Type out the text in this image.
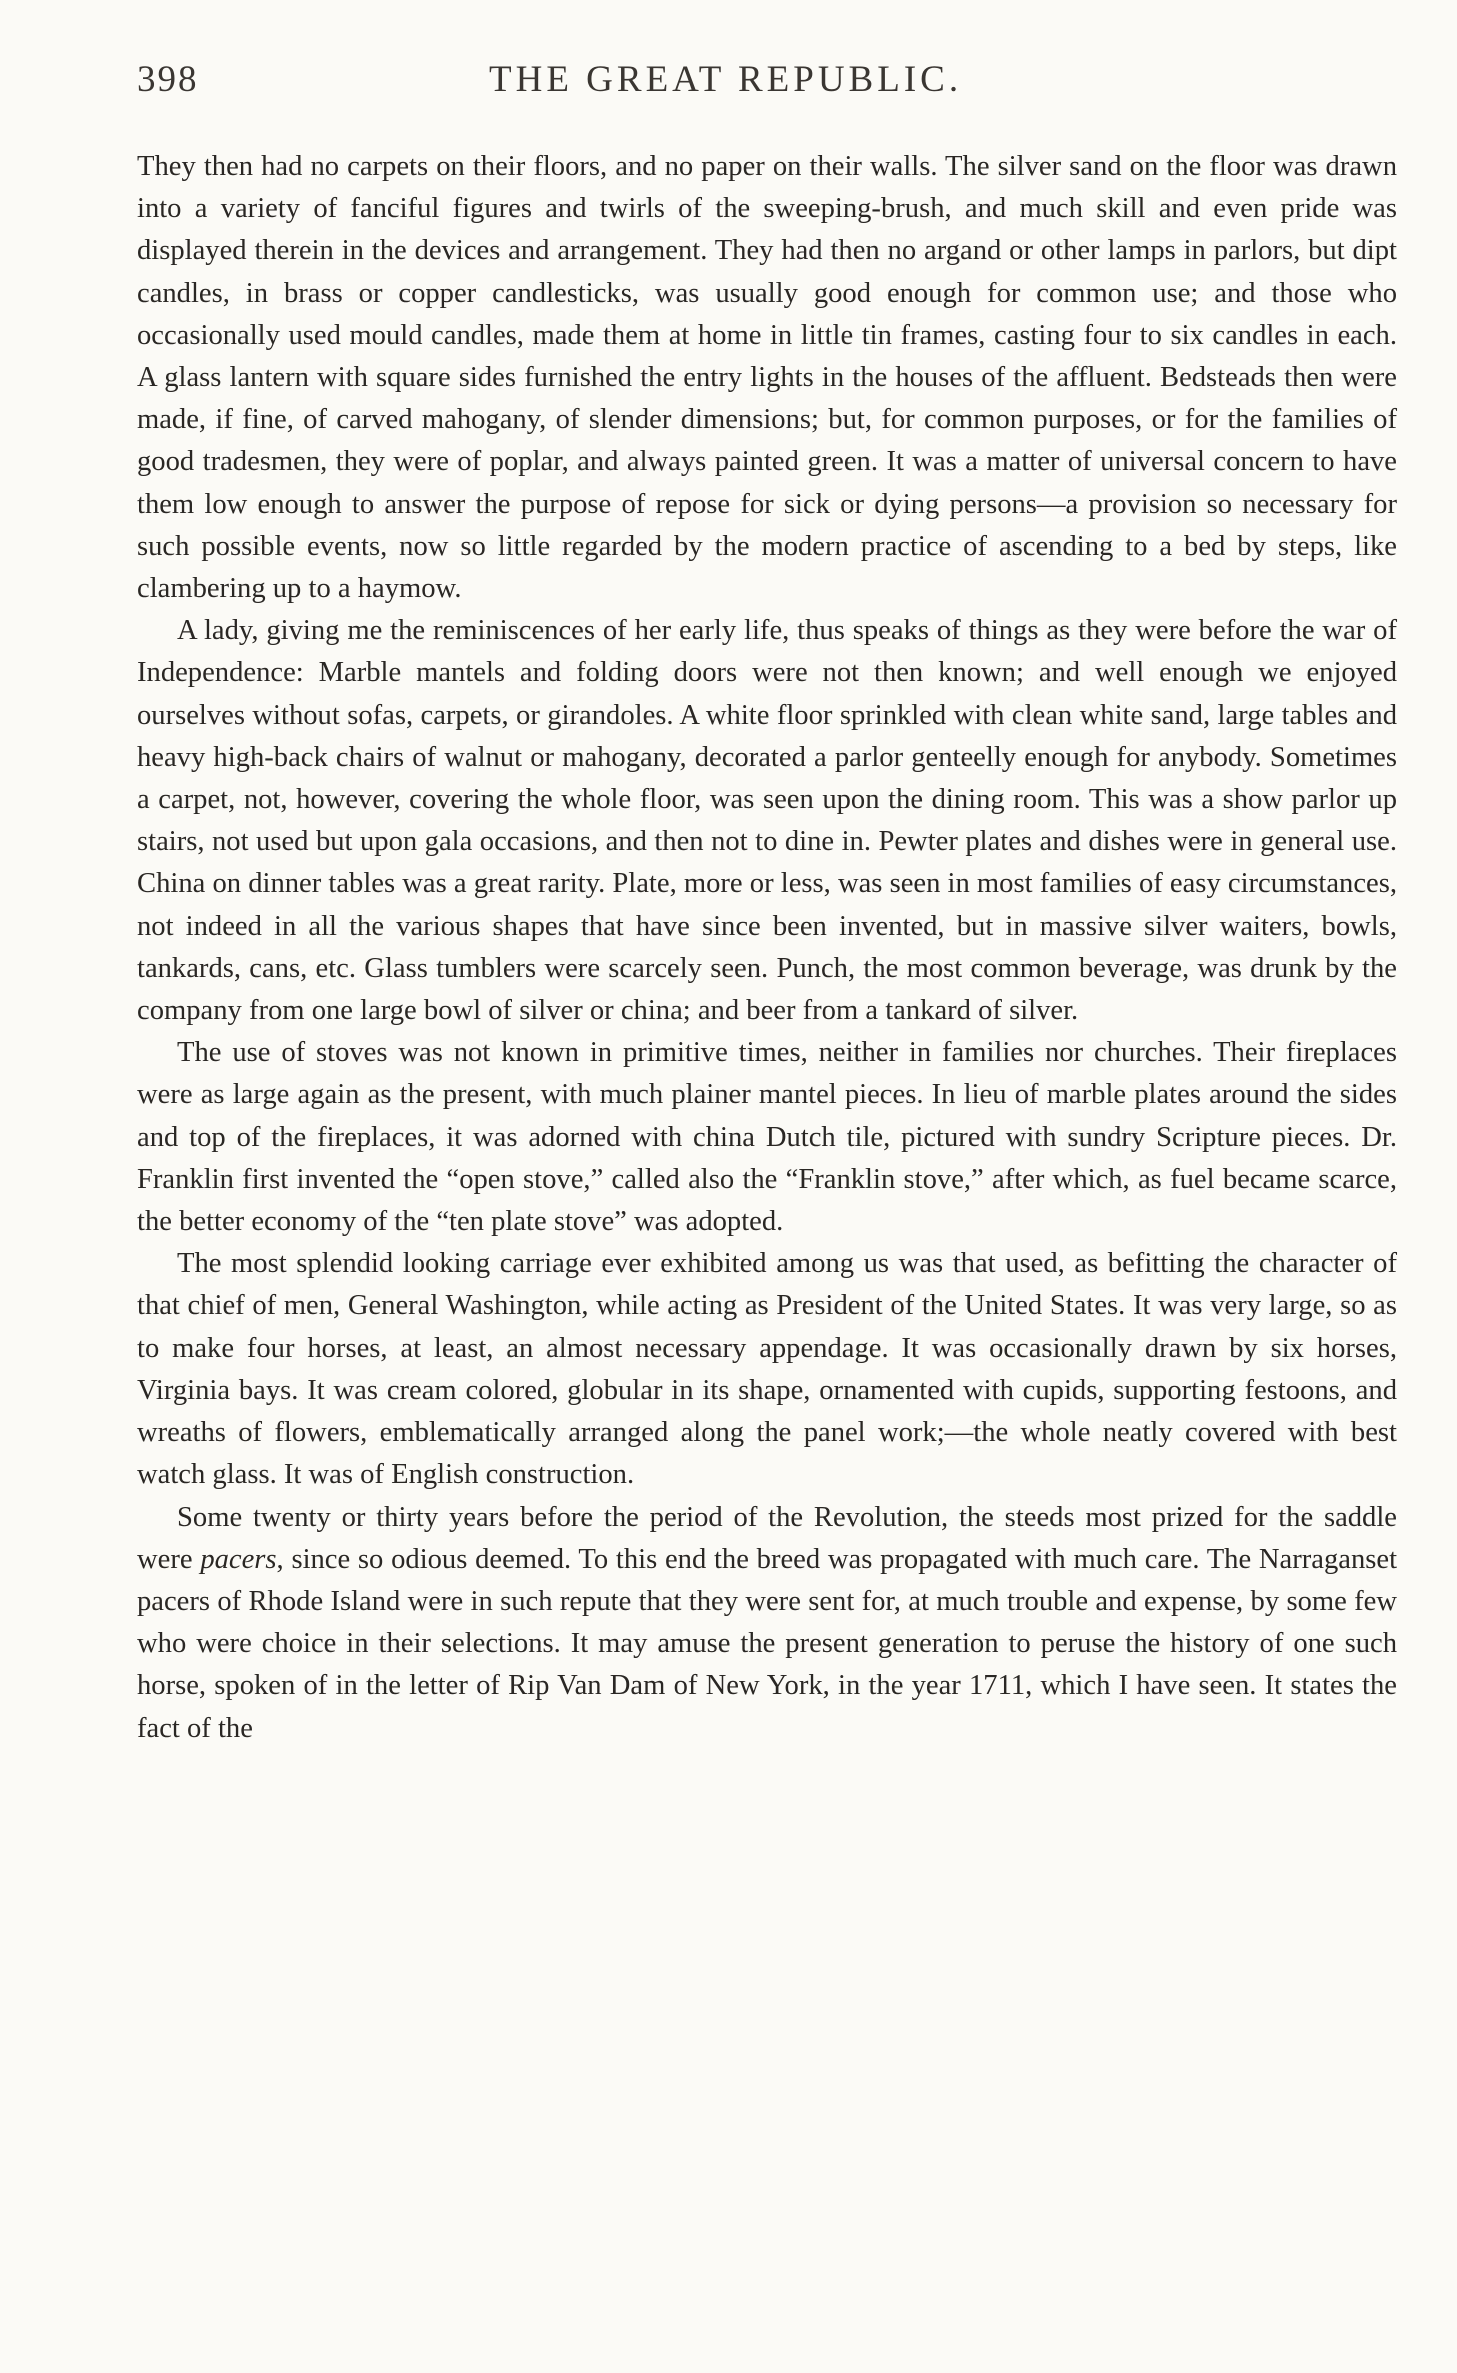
398	THE GREAT REPUBLIC.

They then had no carpets on their floors, and no paper on their walls. The silver sand on the floor was drawn into a variety of fanciful figures and twirls of the sweeping-brush, and much skill and even pride was displayed therein in the devices and arrangement. They had then no argand or other lamps in parlors, but dipt candles, in brass or copper candlesticks, was usually good enough for common use; and those who occasionally used mould candles, made them at home in little tin frames, casting four to six candles in each. A glass lantern with square sides furnished the entry lights in the houses of the affluent. Bedsteads then were made, if fine, of carved mahogany, of slender dimensions; but, for common purposes, or for the families of good tradesmen, they were of poplar, and always painted green. It was a matter of universal concern to have them low enough to answer the purpose of repose for sick or dying persons—a provision so necessary for such possible events, now so little regarded by the modern practice of ascending to a bed by steps, like clambering up to a haymow.

A lady, giving me the reminiscences of her early life, thus speaks of things as they were before the war of Independence: Marble mantels and folding doors were not then known; and well enough we enjoyed ourselves without sofas, carpets, or girandoles. A white floor sprinkled with clean white sand, large tables and heavy high-back chairs of walnut or mahogany, decorated a parlor genteelly enough for anybody. Sometimes a carpet, not, however, covering the whole floor, was seen upon the dining room. This was a show parlor up stairs, not used but upon gala occasions, and then not to dine in. Pewter plates and dishes were in general use. China on dinner tables was a great rarity. Plate, more or less, was seen in most families of easy circumstances, not indeed in all the various shapes that have since been invented, but in massive silver waiters, bowls, tankards, cans, etc. Glass tumblers were scarcely seen. Punch, the most common beverage, was drunk by the company from one large bowl of silver or china; and beer from a tankard of silver.

The use of stoves was not known in primitive times, neither in families nor churches. Their fireplaces were as large again as the present, with much plainer mantel pieces. In lieu of marble plates around the sides and top of the fireplaces, it was adorned with china Dutch tile, pictured with sundry Scripture pieces. Dr. Franklin first invented the “open stove,” called also the “Franklin stove,” after which, as fuel became scarce, the better economy of the “ten plate stove” was adopted.

The most splendid looking carriage ever exhibited among us was that used, as befitting the character of that chief of men, General Washington, while acting as President of the United States. It was very large, so as to make four horses, at least, an almost necessary appendage. It was occasionally drawn by six horses, Virginia bays. It was cream colored, globular in its shape, ornamented with cupids, supporting festoons, and wreaths of flowers, emblematically arranged along the panel work;—the whole neatly covered with best watch glass. It was of English construction.

Some twenty or thirty years before the period of the Revolution, the steeds most prized for the saddle were pacers, since so odious deemed. To this end the breed was propagated with much care. The Narraganset pacers of Rhode Island were in such repute that they were sent for, at much trouble and expense, by some few who were choice in their selections. It may amuse the present generation to peruse the history of one such horse, spoken of in the letter of Rip Van Dam of New York, in the year 1711, which I have seen. It states the fact of the
